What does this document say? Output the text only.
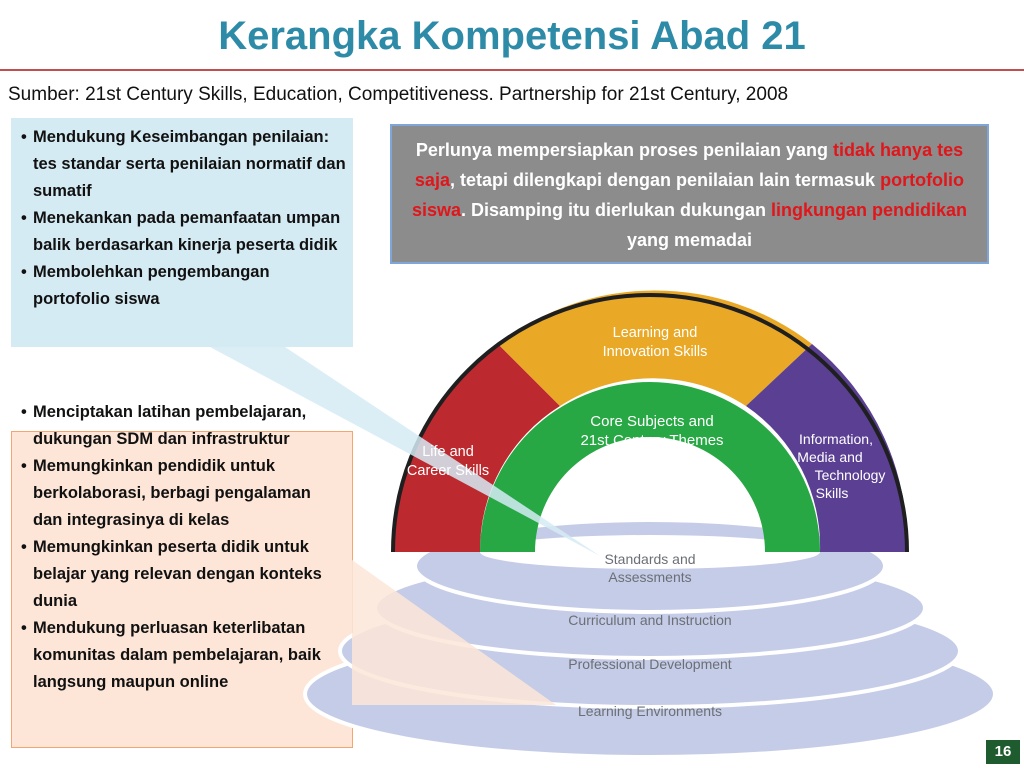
Kerangka Kompetensi Abad 21
Sumber: 21st Century Skills, Education, Competitiveness. Partnership for 21st Century, 2008
Learning and
Innovation Skills
Life and
Career Skills
Information,
Media and
Technology
Skills
Core Subjects and
21st Century Themes
Standards and
Assessments
Curriculum and Instruction
Professional Development
Learning Environments
• Mendukung Keseimbangan penilaian: tes standar serta penilaian normatif dan sumatif
• Menekankan pada pemanfaatan umpan balik berdasarkan kinerja peserta didik
• Membolehkan pengembangan portofolio siswa
• Menciptakan latihan pembelajaran, dukungan SDM dan infrastruktur
• Memungkinkan pendidik untuk berkolaborasi, berbagi pengalaman dan integrasinya di kelas
• Memungkinkan peserta didik untuk belajar yang relevan dengan konteks dunia
• Mendukung perluasan keterlibatan komunitas dalam pembelajaran, baik langsung maupun online
Perlunya mempersiapkan proses penilaian yang tidak hanya tes saja, tetapi dilengkapi dengan penilaian lain termasuk portofolio siswa. Disamping itu dierlukan dukungan lingkungan pendidikan yang memadai
16
